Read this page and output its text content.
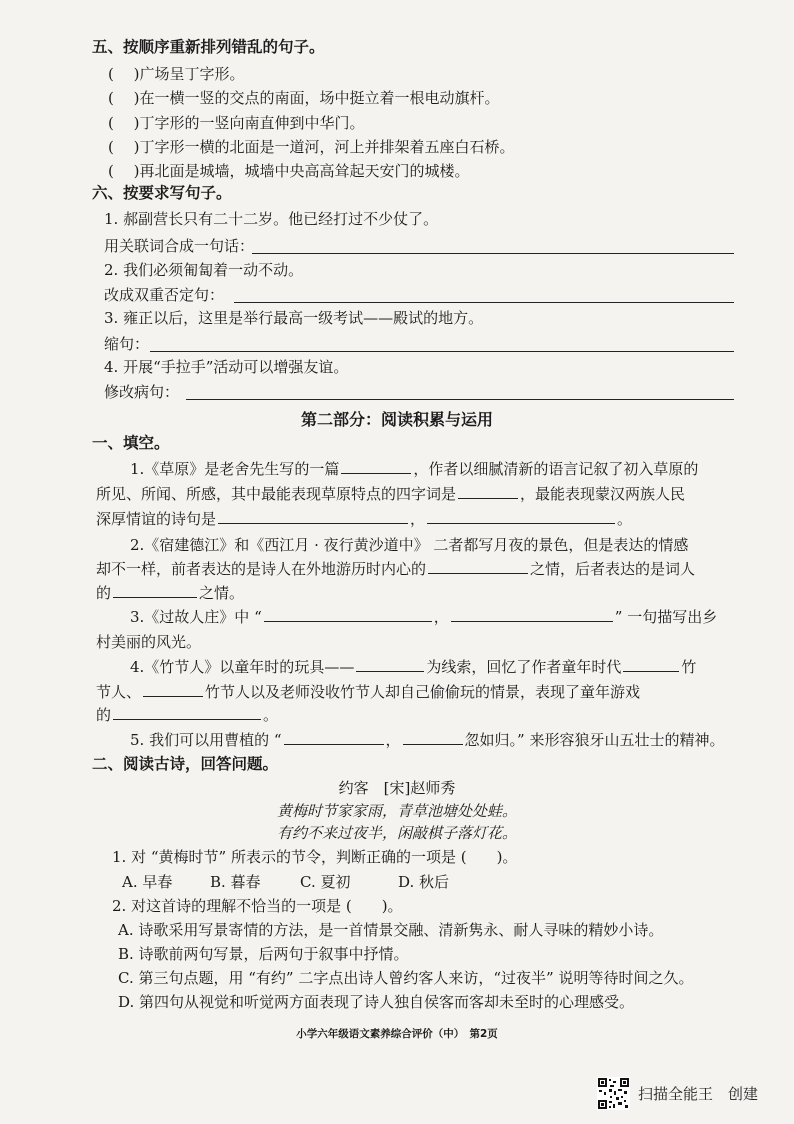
五、按顺序重新排列错乱的句子。
(　 )广场呈丁字形。
(　 )在一横一竖的交点的南面，场中挺立着一根电动旗杆。
(　 )丁字形的一竖向南直伸到中华门。
(　 )丁字形一横的北面是一道河，河上并排架着五座白石桥。
(　 )再北面是城墙，城墙中央高高耸起天安门的城楼。
六、按要求写句子。
1. 郝副营长只有二十二岁。他已经打过不少仗了。
用关联词合成一句话：
2. 我们必须匍匐着一动不动。
改成双重否定句：
3. 雍正以后，这里是举行最高一级考试——殿试的地方。
缩句：
4. 开展“手拉手”活动可以增强友谊。
修改病句：
第二部分：阅读积累与运用
一、填空。
1.《草原》是老舍先生写的一篇	，作者以细腻清新的语言记叙了初入草原的
所见、所闻、所感，其中最能表现草原特点的四字词是	，最能表现蒙汉两族人民
深厚情谊的诗句是	，	。
2.《宿建德江》和《西江月 · 夜行黄沙道中》 二者都写月夜的景色，但是表达的情感
却不一样，前者表达的是诗人在外地游历时内心的	之情，后者表达的是词人
的	之情。
3.《过故人庄》中 “	，	” 一句描写出乡
村美丽的风光。
4.《竹节人》以童年时的玩具——	为线索，回忆了作者童年时代	竹
节人、	竹节人以及老师没收竹节人却自己偷偷玩的情景，表现了童年游戏
的	。
5. 我们可以用曹植的 “	，	忽如归。” 来形容狼牙山五壮士的精神。
二、阅读古诗，回答问题。
约客　[宋]赵师秀
黄梅时节家家雨，青草池塘处处蛙。
有约不来过夜半，闲敲棋子落灯花。
1. 对 “黄梅时节” 所表示的节令，判断正确的一项是 (　　)。
A. 早春	B. 暮春	C. 夏初	D. 秋后
2. 对这首诗的理解不恰当的一项是 (　　)。
A. 诗歌采用写景寄情的方法，是一首情景交融、清新隽永、耐人寻味的精妙小诗。
B. 诗歌前两句写景，后两句于叙事中抒情。
C. 第三句点题，用 “有约” 二字点出诗人曾约客人来访，“过夜半” 说明等待时间之久。
D. 第四句从视觉和听觉两方面表现了诗人独自侯客而客却未至时的心理感受。
小学六年级语文素养综合评价（中）　第2页
扫描全能王　创建
